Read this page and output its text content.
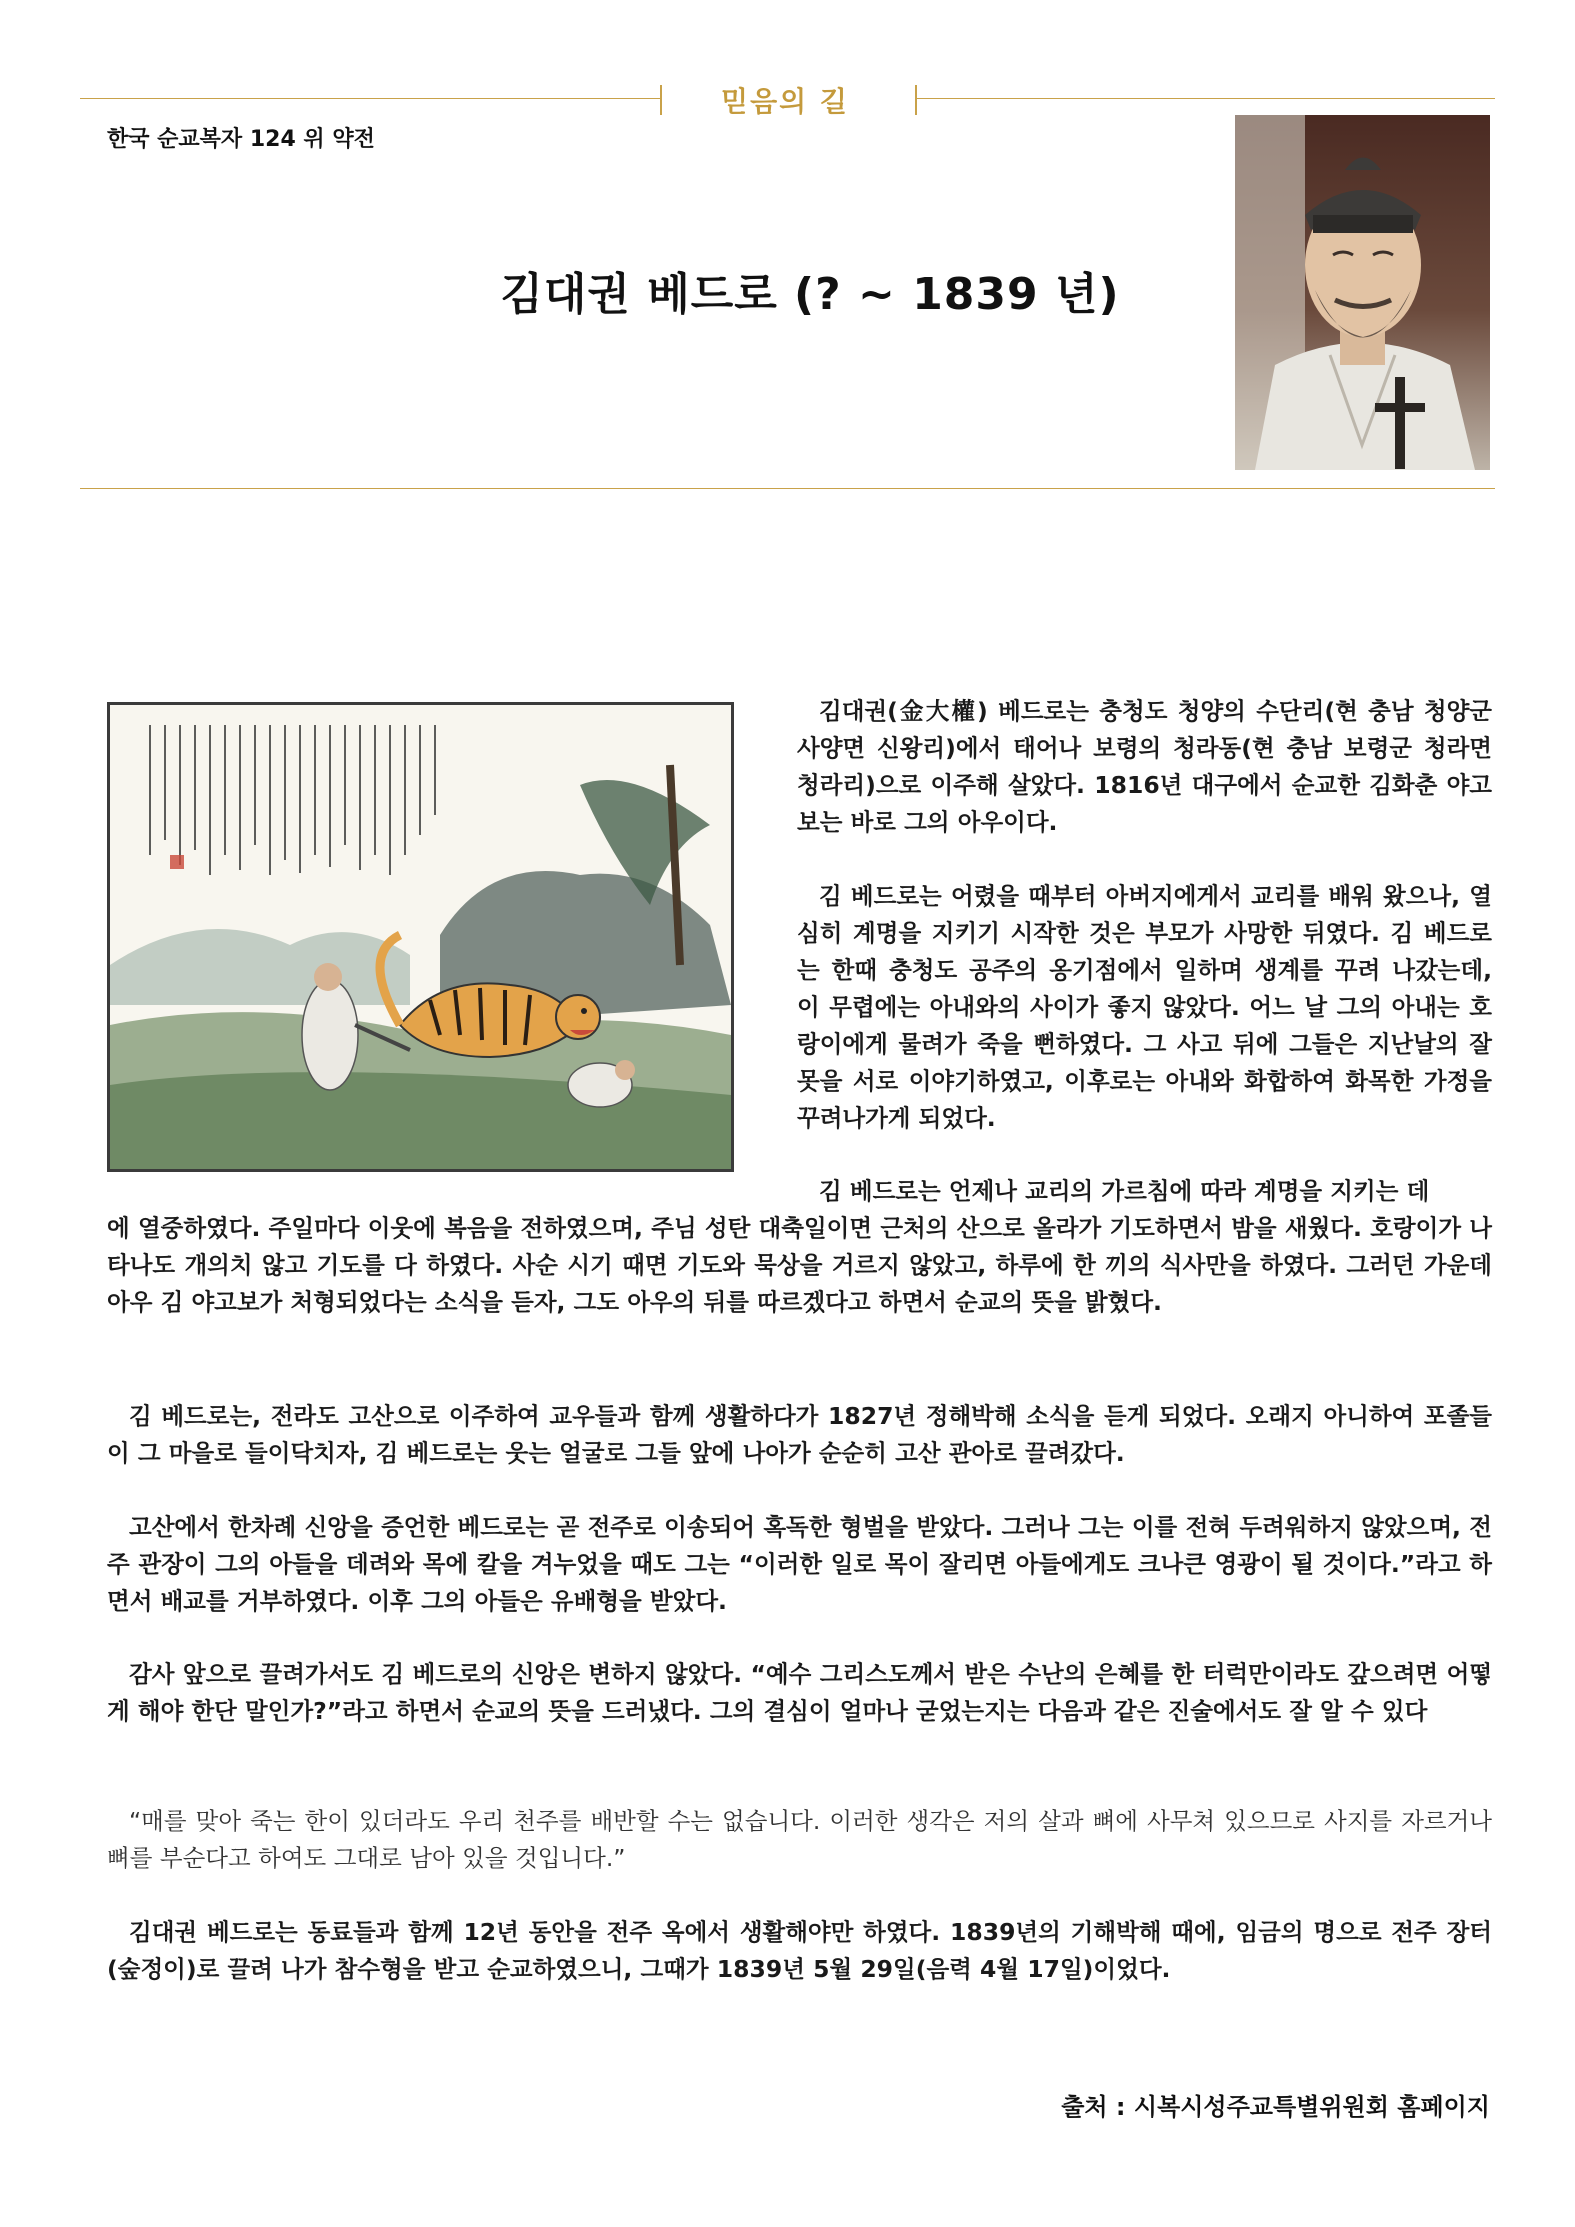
믿음의 길
한국 순교복자 124 위 약전
김대권 베드로 (? ~ 1839 년)

김대권(金大權) 베드로는 충청도 청양의 수단리(현 충남 청양군 사양면 신왕리)에서 태어나 보령의 청라동(현 충남 보령군 청라면 청라리)으로 이주해 살았다. 1816년 대구에서 순교한 김화춘 야고보는 바로 그의 아우이다.

김 베드로는 어렸을 때부터 아버지에게서 교리를 배워 왔으나, 열심히 계명을 지키기 시작한 것은 부모가 사망한 뒤였다. 김 베드로는 한때 충청도 공주의 옹기점에서 일하며 생계를 꾸려 나갔는데, 이 무렵에는 아내와의 사이가 좋지 않았다. 어느 날 그의 아내는 호랑이에게 물려가 죽을 뻔하였다. 그 사고 뒤에 그들은 지난날의 잘못을 서로 이야기하였고, 이후로는 아내와 화합하여 화목한 가정을 꾸려나가게 되었다.

김 베드로는 언제나 교리의 가르침에 따라 계명을 지키는 데

에 열중하였다. 주일마다 이웃에 복음을 전하였으며, 주님 성탄 대축일이면 근처의 산으로 올라가 기도하면서 밤을 새웠다. 호랑이가 나타나도 개의치 않고 기도를 다 하였다. 사순 시기 때면 기도와 묵상을 거르지 않았고, 하루에 한 끼의 식사만을 하였다. 그러던 가운데 아우 김 야고보가 처형되었다는 소식을 듣자, 그도 아우의 뒤를 따르겠다고 하면서 순교의 뜻을 밝혔다.

김 베드로는, 전라도 고산으로 이주하여 교우들과 함께 생활하다가 1827년 정해박해 소식을 듣게 되었다. 오래지 아니하여 포졸들이 그 마을로 들이닥치자, 김 베드로는 웃는 얼굴로 그들 앞에 나아가 순순히 고산 관아로 끌려갔다.

고산에서 한차례 신앙을 증언한 베드로는 곧 전주로 이송되어 혹독한 형벌을 받았다. 그러나 그는 이를 전혀 두려워하지 않았으며, 전주 관장이 그의 아들을 데려와 목에 칼을 겨누었을 때도 그는 “이러한 일로 목이 잘리면 아들에게도 크나큰 영광이 될 것이다.”라고 하면서 배교를 거부하였다. 이후 그의 아들은 유배형을 받았다.

감사 앞으로 끌려가서도 김 베드로의 신앙은 변하지 않았다. “예수 그리스도께서 받은 수난의 은혜를 한 터럭만이라도 갚으려면 어떻게 해야 한단 말인가?”라고 하면서 순교의 뜻을 드러냈다. 그의 결심이 얼마나 굳었는지는 다음과 같은 진술에서도 잘 알 수 있다

“매를 맞아 죽는 한이 있더라도 우리 천주를 배반할 수는 없습니다. 이러한 생각은 저의 살과 뼈에 사무쳐 있으므로 사지를 자르거나 뼈를 부순다고 하여도 그대로 남아 있을 것입니다.”

김대권 베드로는 동료들과 함께 12년 동안을 전주 옥에서 생활해야만 하였다. 1839년의 기해박해 때에, 임금의 명으로 전주 장터(숲정이)로 끌려 나가 참수형을 받고 순교하였으니, 그때가 1839년 5월 29일(음력 4월 17일)이었다.

출처 : 시복시성주교특별위원회 홈페이지
